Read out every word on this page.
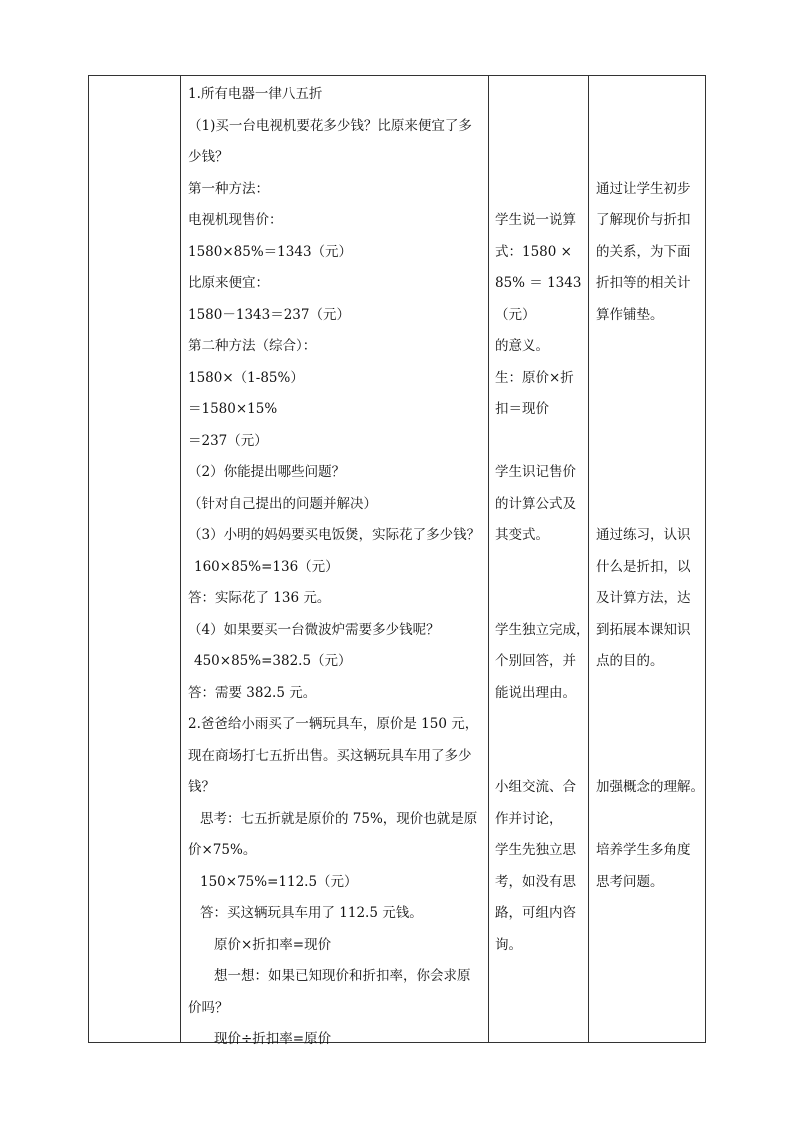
1.所有电器一律八五折
（1)买一台电视机要花多少钱？比原来便宜了多
少钱？
第一种方法：
电视机现售价：
1580×85%＝1343（元）
比原来便宜：
1580－1343＝237（元）
第二种方法（综合）：
1580×（1-85%）
＝1580×15%
＝237（元）
（2）你能提出哪些问题？
（针对自己提出的问题并解决）
（3）小明的妈妈要买电饭煲，实际花了多少钱？
160×85%=136（元）
答：实际花了 136 元。
（4）如果要买一台微波炉需要多少钱呢？
450×85%=382.5（元）
答：需要 382.5 元。
2.爸爸给小雨买了一辆玩具车，原价是 150 元，
现在商场打七五折出售。买这辆玩具车用了多少
钱？
思考：七五折就是原价的 75%，现价也就是原
价×75%。
150×75%=112.5（元）
答：买这辆玩具车用了 112.5 元钱。
原价×折扣率=现价
想一想：如果已知现价和折扣率，你会求原
价吗？
现价÷折扣率=原价
学生说一说算
式：1580 ×
85% ＝ 1343
（元）
的意义。
生：原价×折
扣＝现价
学生识记售价
的计算公式及
其变式。
学生独立完成，
个别回答，并
能说出理由。
小组交流、合
作并讨论，
学生先独立思
考，如没有思
路，可组内咨
询。
通过让学生初步
了解现价与折扣
的关系，为下面
折扣等的相关计
算作铺垫。
通过练习，认识
什么是折扣，以
及计算方法，达
到拓展本课知识
点的目的。
加强概念的理解。
培养学生多角度
思考问题。
